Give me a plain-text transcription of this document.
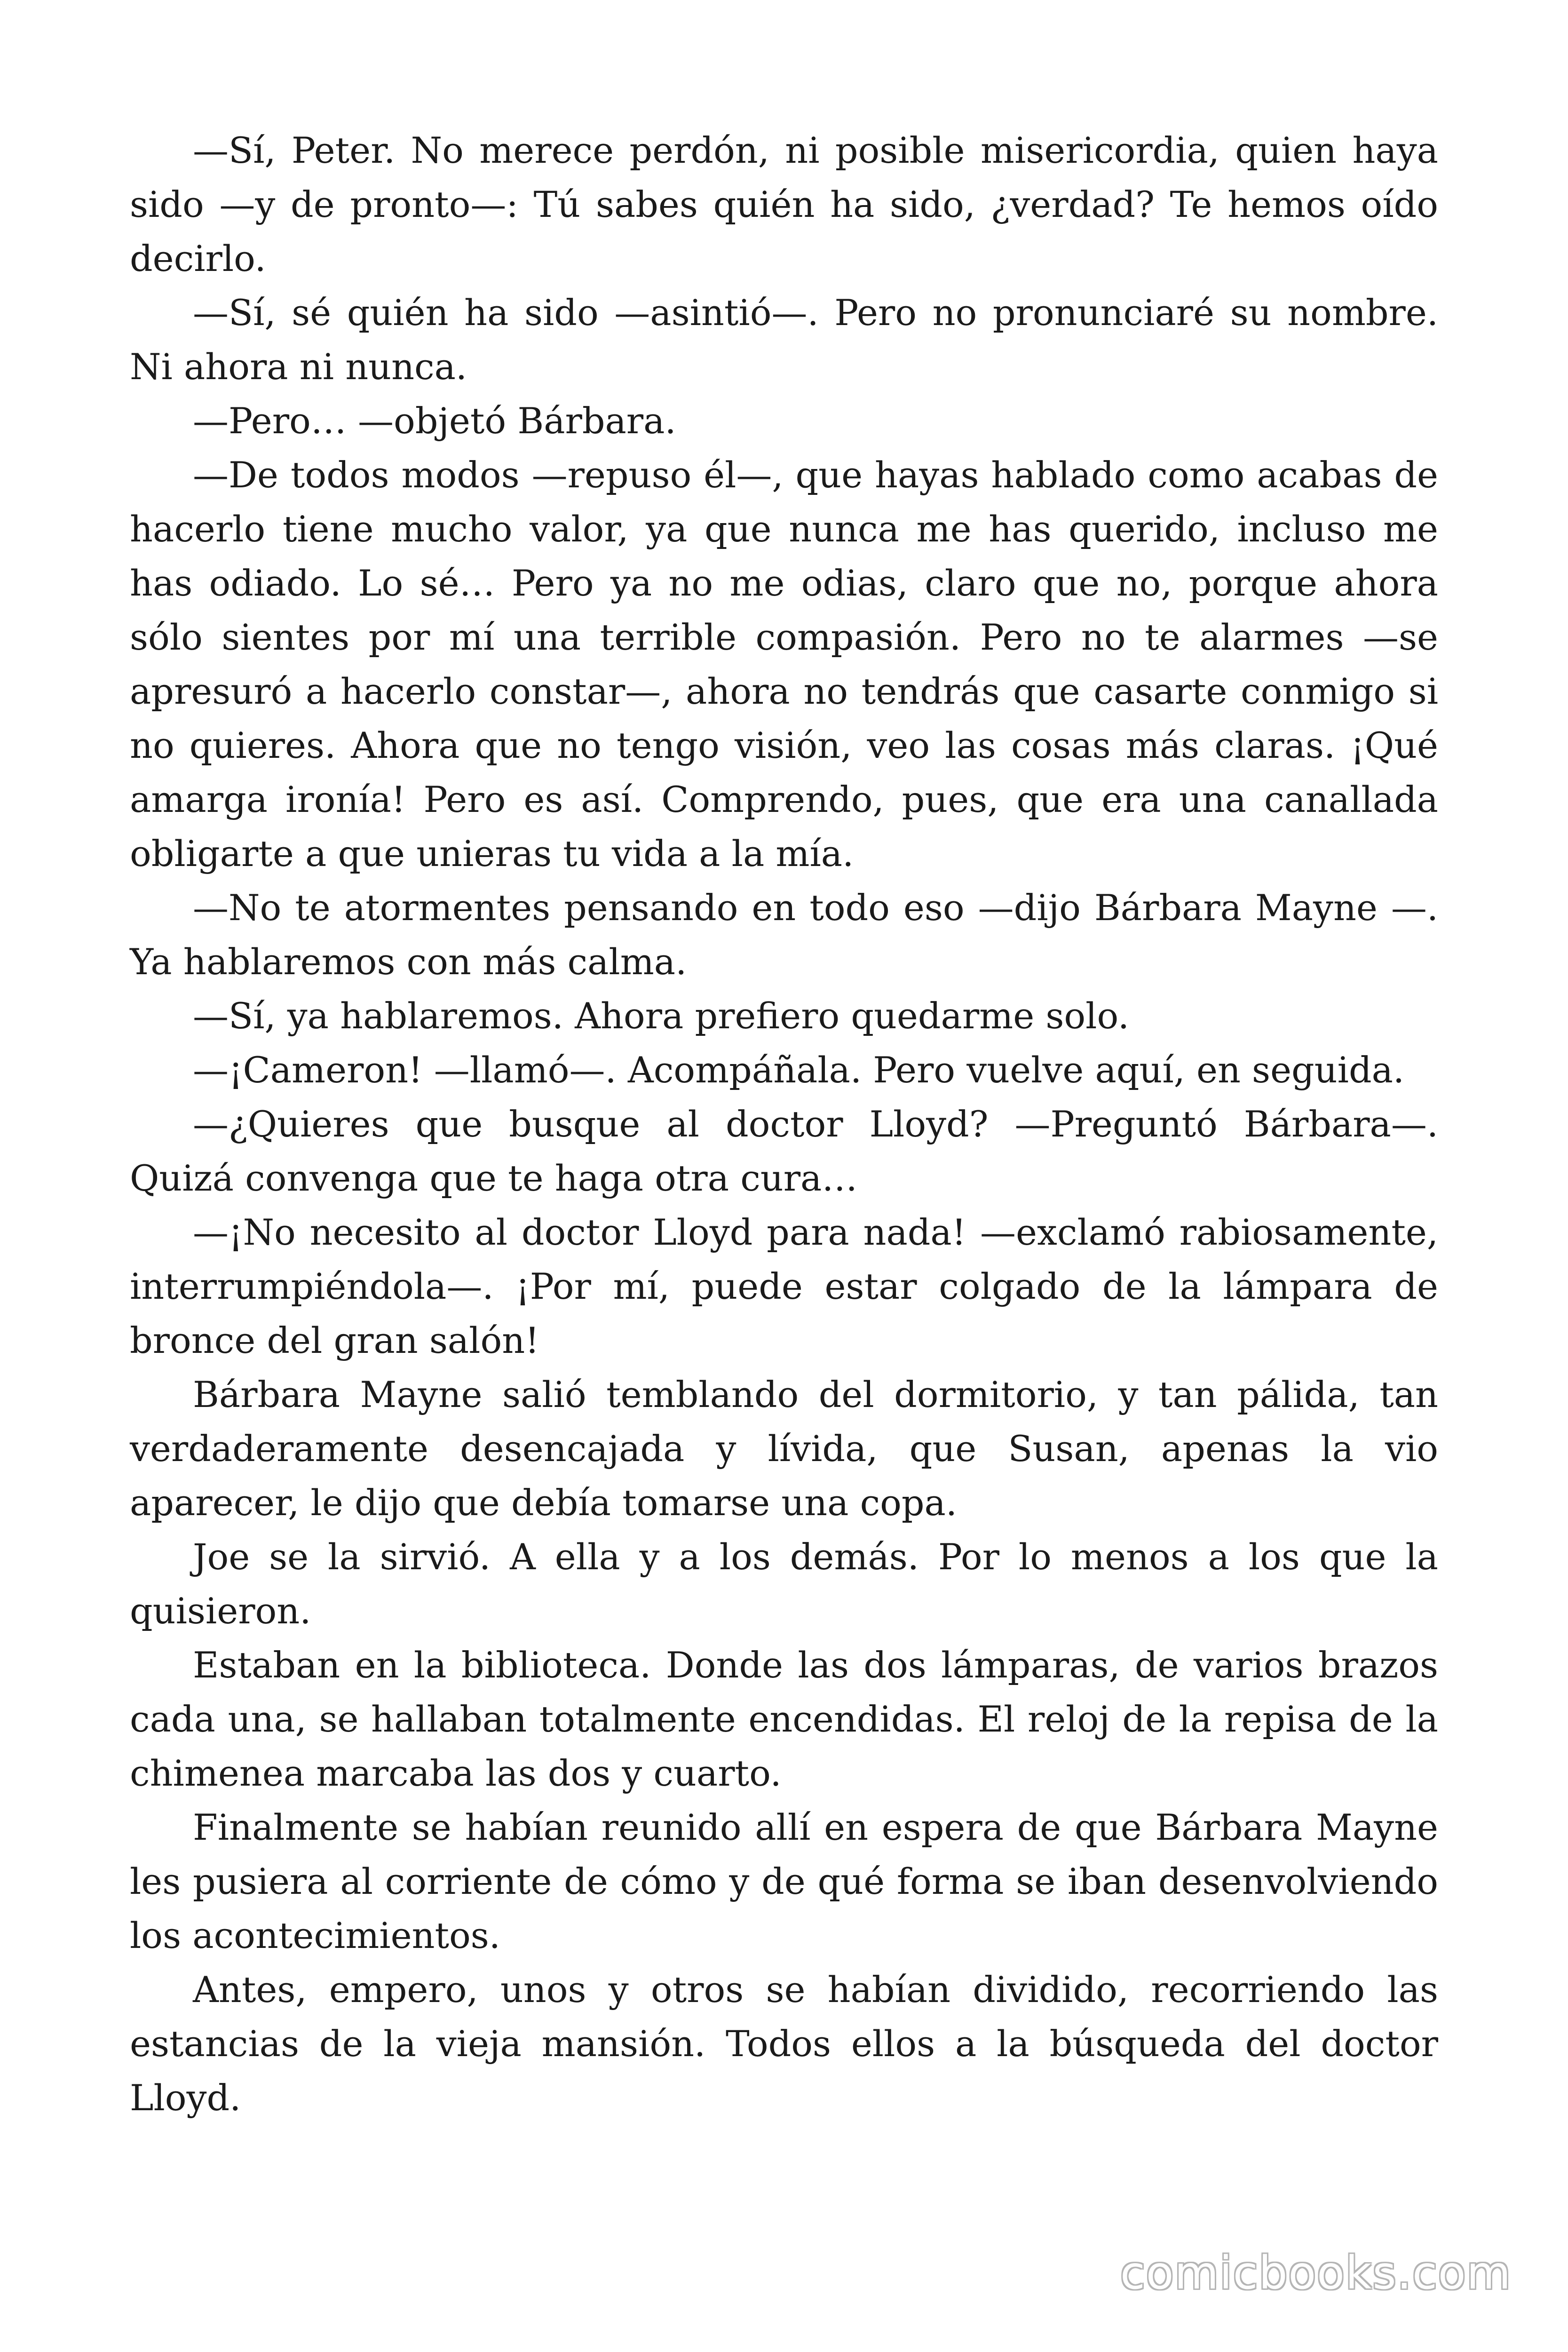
—Sí, Peter. No merece perdón, ni posible misericordia, quien haya sido —y de pronto—: Tú sabes quién ha sido, ¿verdad? Te hemos oído decirlo.

—Sí, sé quién ha sido —asintió—. Pero no pronunciaré su nombre. Ni ahora ni nunca.

—Pero… —objetó Bárbara.

—De todos modos —repuso él—, que hayas hablado como acabas de hacerlo tiene mucho valor, ya que nunca me has querido, incluso me has odiado. Lo sé… Pero ya no me odias, claro que no, porque ahora sólo sientes por mí una terrible compasión. Pero no te alarmes —se apresuró a hacerlo constar—, ahora no tendrás que casarte conmigo si no quieres. Ahora que no tengo visión, veo las cosas más claras. ¡Qué amarga ironía! Pero es así. Comprendo, pues, que era una canallada obligarte a que unieras tu vida a la mía.

—No te atormentes pensando en todo eso —dijo Bárbara Mayne —. Ya hablaremos con más calma.

—Sí, ya hablaremos. Ahora prefiero quedarme solo.

—¡Cameron! —llamó—. Acompáñala. Pero vuelve aquí, en seguida.

—¿Quieres que busque al doctor Lloyd? —Preguntó Bárbara—. Quizá convenga que te haga otra cura…

—¡No necesito al doctor Lloyd para nada! —exclamó rabiosamente, interrumpiéndola—. ¡Por mí, puede estar colgado de la lámpara de bronce del gran salón!

Bárbara Mayne salió temblando del dormitorio, y tan pálida, tan verdaderamente desencajada y lívida, que Susan, apenas la vio aparecer, le dijo que debía tomarse una copa.

Joe se la sirvió. A ella y a los demás. Por lo menos a los que la quisieron.

Estaban en la biblioteca. Donde las dos lámparas, de varios brazos cada una, se hallaban totalmente encendidas. El reloj de la repisa de la chimenea marcaba las dos y cuarto.

Finalmente se habían reunido allí en espera de que Bárbara Mayne les pusiera al corriente de cómo y de qué forma se iban desenvolviendo los acontecimientos.

Antes, empero, unos y otros se habían dividido, recorriendo las estancias de la vieja mansión. Todos ellos a la búsqueda del doctor Lloyd.

comicbooks.com
